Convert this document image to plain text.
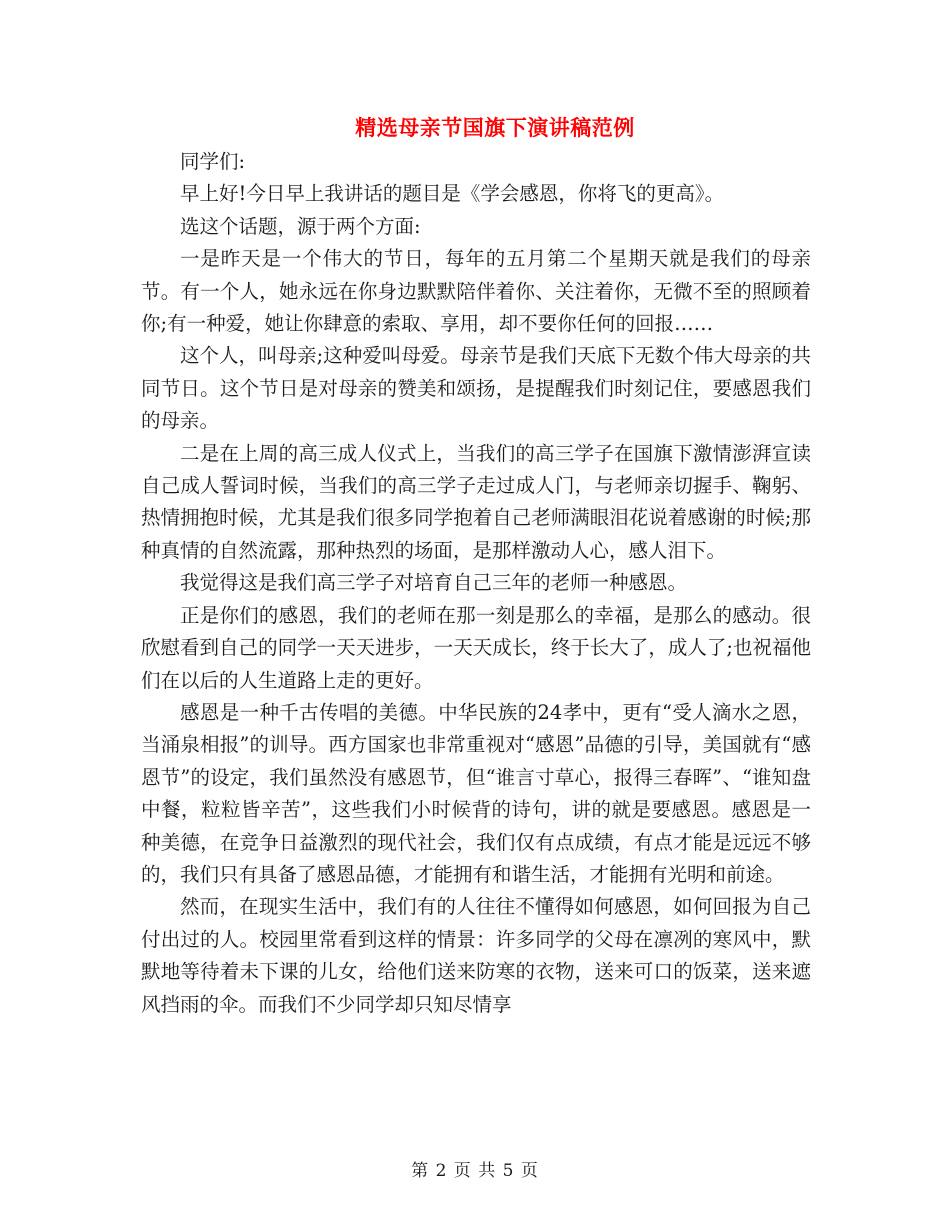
精选母亲节国旗下演讲稿范例

同学们:

早上好!今日早上我讲话的题目是《学会感恩，你将飞的更高》。

选这个话题，源于两个方面:

一是昨天是一个伟大的节日，每年的五月第二个星期天就是我们的母亲节。有一个人，她永远在你身边默默陪伴着你、关注着你，无微不至的照顾着你;有一种爱，她让你肆意的索取、享用，却不要你任何的回报……

这个人，叫母亲;这种爱叫母爱。母亲节是我们天底下无数个伟大母亲的共同节日。这个节日是对母亲的赞美和颂扬，是提醒我们时刻记住，要感恩我们的母亲。

二是在上周的高三成人仪式上，当我们的高三学子在国旗下激情澎湃宣读自己成人誓词时候，当我们的高三学子走过成人门，与老师亲切握手、鞠躬、热情拥抱时候，尤其是我们很多同学抱着自己老师满眼泪花说着感谢的时候;那种真情的自然流露，那种热烈的场面，是那样激动人心，感人泪下。

我觉得这是我们高三学子对培育自己三年的老师一种感恩。

正是你们的感恩，我们的老师在那一刻是那么的幸福，是那么的感动。很欣慰看到自己的同学一天天进步，一天天成长，终于长大了，成人了;也祝福他们在以后的人生道路上走的更好。

感恩是一种千古传唱的美德。中华民族的24孝中，更有“受人滴水之恩，当涌泉相报”的训导。西方国家也非常重视对“感恩”品德的引导，美国就有“感恩节”的设定，我们虽然没有感恩节，但“谁言寸草心，报得三春晖”、“谁知盘中餐，粒粒皆辛苦”，这些我们小时候背的诗句，讲的就是要感恩。感恩是一种美德，在竞争日益激烈的现代社会，我们仅有点成绩，有点才能是远远不够的，我们只有具备了感恩品德，才能拥有和谐生活，才能拥有光明和前途。

然而，在现实生活中，我们有的人往往不懂得如何感恩，如何回报为自己付出过的人。校园里常看到这样的情景：许多同学的父母在凛冽的寒风中，默默地等待着未下课的儿女，给他们送来防寒的衣物，送来可口的饭菜，送来遮风挡雨的伞。而我们不少同学却只知尽情享

第 2 页 共 5 页
